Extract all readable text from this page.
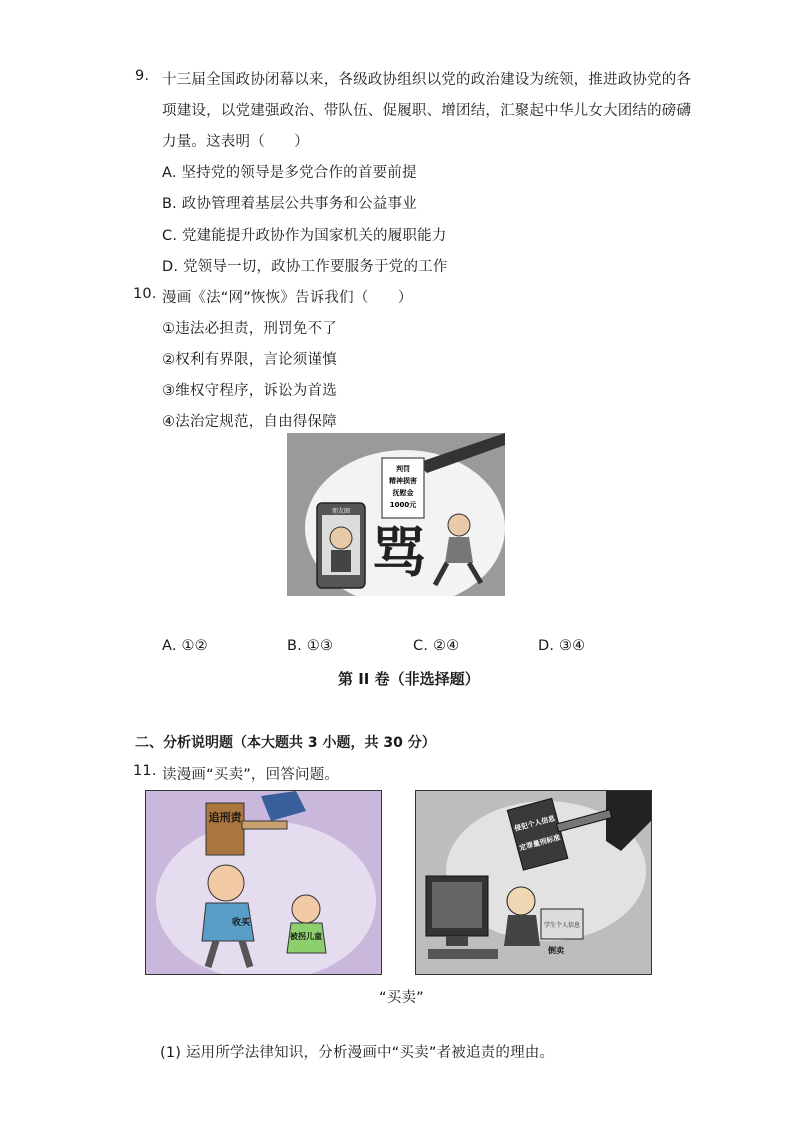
9. 十三届全国政协闭幕以来，各级政协组织以党的政治建设为统领，推进政协党的各
项建设，以党建强政治、带队伍、促履职、增团结，汇聚起中华儿女大团结的磅礴
力量。这表明（　　）
A. 坚持党的领导是多党合作的首要前提
B. 政协管理着基层公共事务和公益事业
C. 党建能提升政协作为国家机关的履职能力
D. 党领导一切，政协工作要服务于党的工作
10. 漫画《法“网”恢恢》告诉我们（　　）
①违法必担责，刑罚免不了
②权利有界限，言论须谨慎
③维权守程序，诉讼为首选
④法治定规范，自由得保障
判罚
精神损害
抚慰金
1000元
朋友圈
骂
A. ①②	B. ①③	C. ②④	D. ③④
第 II 卷（非选择题）
二、分析说明题（本大题共 3 小题，共 30 分）
11. 读漫画“买卖”，回答问题。
追刑责
收买
被拐儿童
侵犯个人信息
定罪量刑标准
学生个人信息
倒卖
“买卖”
(1) 运用所学法律知识，分析漫画中“买卖”者被追责的理由。
